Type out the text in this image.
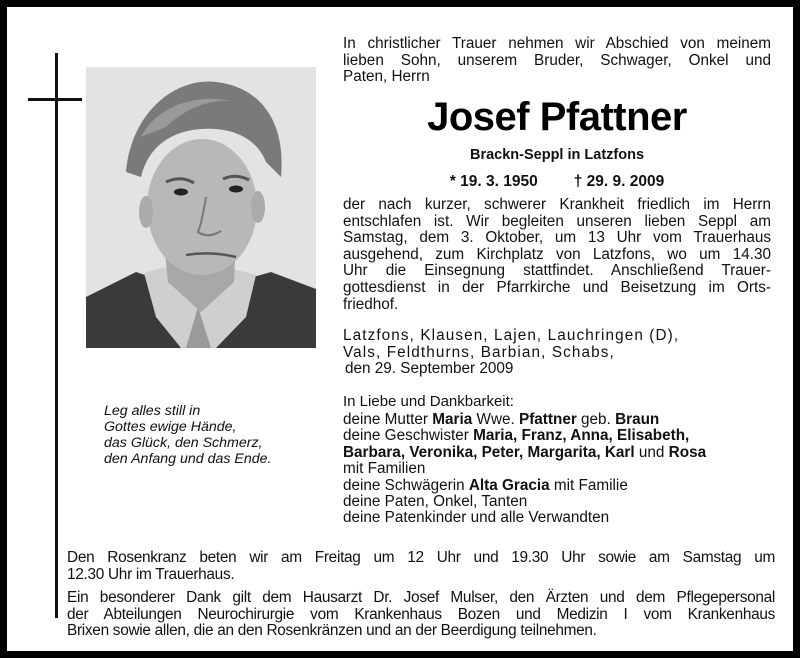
Leg alles still in
Gottes ewige Hände,
das Glück, den Schmerz,
den Anfang und das Ende.
In christlicher Trauer nehmen wir Abschied von meinem
lieben Sohn, unserem Bruder, Schwager, Onkel und
Paten, Herrn
Josef Pfattner
Brackn-Seppl in Latzfons
* 19. 3. 1950 † 29. 9. 2009
der nach kurzer, schwerer Krankheit friedlich im Herrn
entschlafen ist. Wir begleiten unseren lieben Seppl am
Samstag, dem 3. Oktober, um 13 Uhr vom Trauerhaus
ausgehend, zum Kirchplatz von Latzfons, wo um 14.30
Uhr die Einsegnung stattfindet. Anschließend Trauer-
gottesdienst in der Pfarrkirche und Beisetzung im Orts-
friedhof.
Latzfons, Klausen, Lajen, Lauchringen (D),
Vals, Feldthurns, Barbian, Schabs,
den 29. September 2009
In Liebe und Dankbarkeit:
deine Mutter Maria Wwe. Pfattner geb. Braun
deine Geschwister Maria, Franz, Anna, Elisabeth,
Barbara, Veronika, Peter, Margarita, Karl und Rosa
mit Familien
deine Schwägerin Alta Gracia mit Familie
deine Paten, Onkel, Tanten
deine Patenkinder und alle Verwandten
Den Rosenkranz beten wir am Freitag um 12 Uhr und 19.30 Uhr sowie am Samstag um
12.30 Uhr im Trauerhaus.
Ein besonderer Dank gilt dem Hausarzt Dr. Josef Mulser, den Ärzten und dem Pflegepersonal
der Abteilungen Neurochirurgie vom Krankenhaus Bozen und Medizin I vom Krankenhaus
Brixen sowie allen, die an den Rosenkränzen und an der Beerdigung teilnehmen.
